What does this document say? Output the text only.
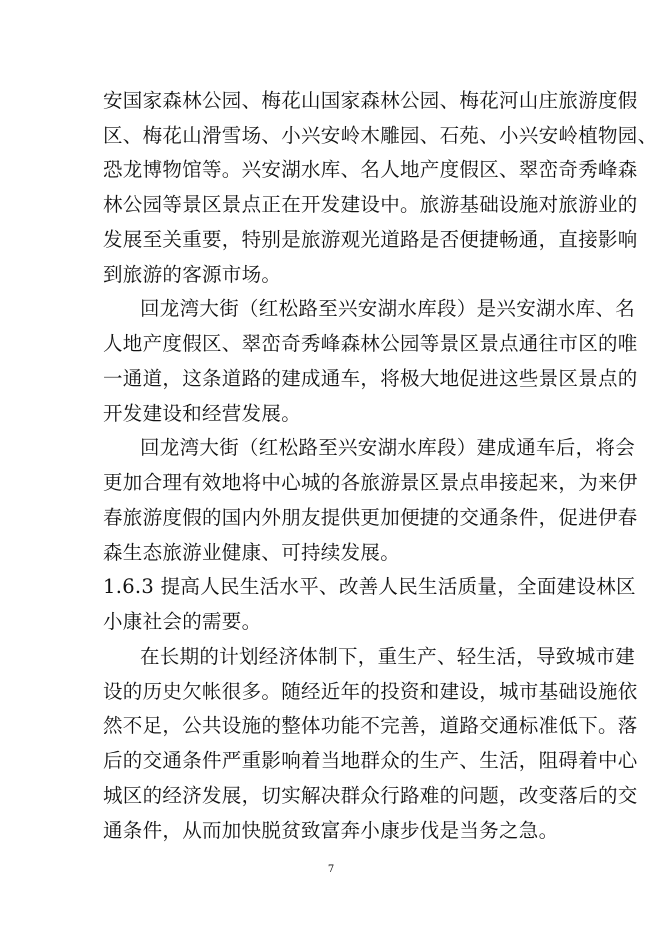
安国家森林公园、梅花山国家森林公园、梅花河山庄旅游度假
区、梅花山滑雪场、小兴安岭木雕园、石苑、小兴安岭植物园、
恐龙博物馆等。兴安湖水库、名人地产度假区、翠峦奇秀峰森
林公园等景区景点正在开发建设中。旅游基础设施对旅游业的
发展至关重要，特别是旅游观光道路是否便捷畅通，直接影响
到旅游的客源市场。
回龙湾大街（红松路至兴安湖水库段）是兴安湖水库、名
人地产度假区、翠峦奇秀峰森林公园等景区景点通往市区的唯
一通道，这条道路的建成通车，将极大地促进这些景区景点的
开发建设和经营发展。
回龙湾大街（红松路至兴安湖水库段）建成通车后，将会
更加合理有效地将中心城的各旅游景区景点串接起来，为来伊
春旅游度假的国内外朋友提供更加便捷的交通条件，促进伊春
森生态旅游业健康、可持续发展。
1.6.3 提高人民生活水平、改善人民生活质量，全面建设林区
小康社会的需要。
在长期的计划经济体制下，重生产、轻生活，导致城市建
设的历史欠帐很多。随经近年的投资和建设，城市基础设施依
然不足，公共设施的整体功能不完善，道路交通标准低下。落
后的交通条件严重影响着当地群众的生产、生活，阻碍着中心
城区的经济发展，切实解决群众行路难的问题，改变落后的交
通条件，从而加快脱贫致富奔小康步伐是当务之急。
7
